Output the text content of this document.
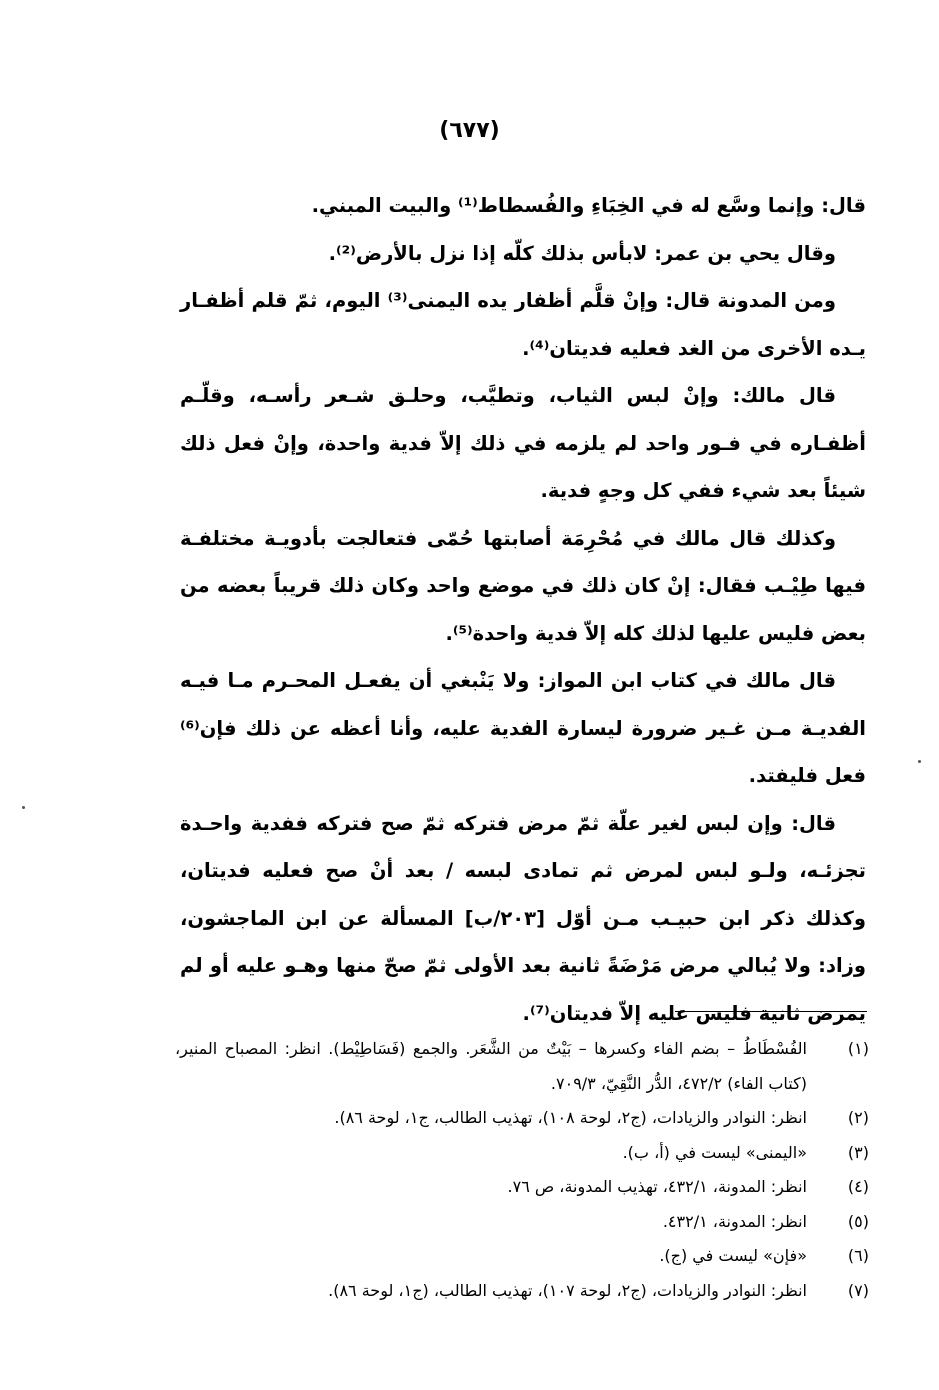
(٦٧٧)

قال: وإنما وسَّع له في الخِبَاءِ والفُسطاط⁽¹⁾ والبيت المبني.

وقال يحي بن عمر: لابأس بذلك كلّه إذا نزل بالأرض⁽²⁾.

ومن المدونة قال: وإنْ قلَّم أظفار يده اليمنى⁽³⁾ اليوم، ثمّ قلم أظفـار يـده الأخرى من الغد فعليه فديتان⁽⁴⁾.

قال مالك: وإنْ لبس الثياب، وتطيَّب، وحلـق شـعر رأسـه، وقلّـم أظفـاره في فـور واحد لم يلزمه في ذلك إلاّ فدية واحدة، وإنْ فعل ذلك شيئاً بعد شيء ففي كل وجهٍ فدية.

وكذلك قال مالك في مُحْرِمَة أصابتها حُمّى فتعالجت بأدويـة مختلفـة فيها طِيْـب فقال: إنْ كان ذلك في موضع واحد وكان ذلك قريباً بعضه من بعض فليس عليها لذلك كله إلاّ فدية واحدة⁽⁵⁾.

قال مالك في كتاب ابن المواز: ولا يَنْبغي أن يفعـل المحـرم مـا فيـه الفديـة مـن غـير ضرورة ليسارة الفدية عليه، وأنا أعظه عن ذلك فإن⁽⁶⁾ فعل فليفتد.

قال: وإن لبس لغير علّة ثمّ مرض فتركه ثمّ صح فتركه ففدية واحـدة تجزئـه، ولـو لبس لمرض ثم تمادى لبسه / بعد أنْ صح فعليه فديتان، وكذلك ذكر ابن حبيـب مـن أوّل [٢٠٣/ب] المسألة عن ابن الماجشون، وزاد: ولا يُبالي مرض مَرْضَةً ثانية بعد الأولى ثمّ صحّ منها وهـو عليه أو لم يمرض ثانية فليس عليه إلاّ فديتان⁽⁷⁾.

(١)
الفُسْطَاطُ – بضم الفاء وكسرها – بَيْتٌ من الشَّعَر. والجمع (فَسَاطِيْط). انظر: المصباح المنير، (كتاب الفاء) ٤٧٢/٢، الدُّر النَّقِيّ، ٧٠٩/٣.
(٢)
انظر: النوادر والزيادات، (ج٢، لوحة ١٠٨)، تهذيب الطالب، ج١، لوحة ٨٦).
(٣)
«اليمنى» ليست في (أ، ب).
(٤)
انظر: المدونة، ٤٣٢/١، تهذيب المدونة، ص ٧٦.
(٥)
انظر: المدونة، ٤٣٢/١.
(٦)
«فإن» ليست في (ج).
(٧)
انظر: النوادر والزيادات، (ج٢، لوحة ١٠٧)، تهذيب الطالب، (ج١، لوحة ٨٦).
